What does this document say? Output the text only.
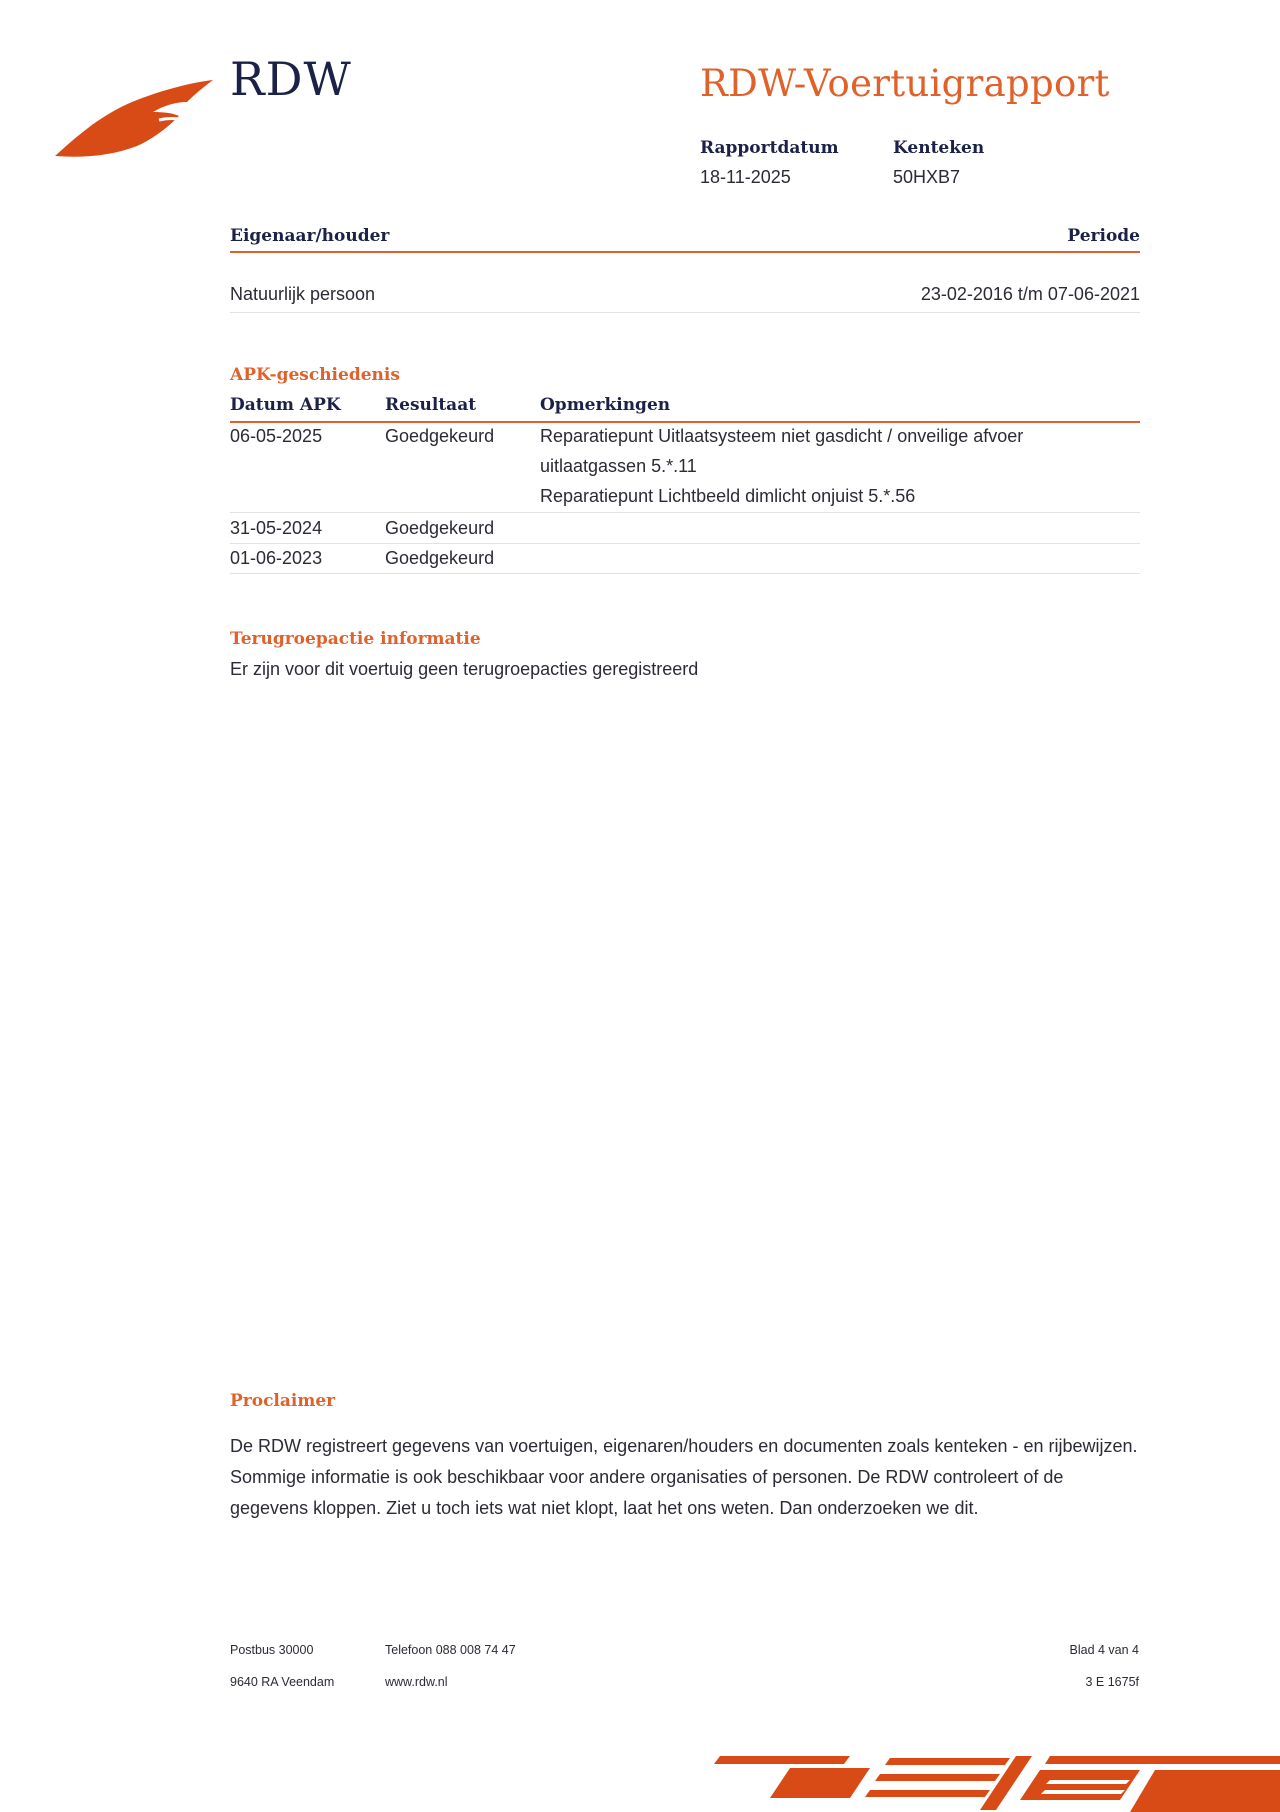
RDW	RDW-Voertuigrapport
Rapportdatum
18-11-2025
Kenteken
50HXB7
Eigenaar/houder	Periode
Natuurlijk persoon	23-02-2016 t/m 07-06-2021
APK-geschiedenis
Datum APK	Resultaat	Opmerkingen
06-05-2025	Goedgekeurd	Reparatiepunt Uitlaatsysteem niet gasdicht / onveilige afvoer
uitlaatgassen 5.*.11
Reparatiepunt Lichtbeeld dimlicht onjuist 5.*.56
31-05-2024	Goedgekeurd
01-06-2023	Goedgekeurd
Terugroepactie informatie
Er zijn voor dit voertuig geen terugroepacties geregistreerd
Proclaimer
De RDW registreert gegevens van voertuigen, eigenaren/houders en documenten zoals kenteken - en rijbewijzen. Sommige informatie is ook beschikbaar voor andere organisaties of personen. De RDW controleert of de gegevens kloppen. Ziet u toch iets wat niet klopt, laat het ons weten. Dan onderzoeken we dit.
Postbus 30000
9640 RA Veendam
Telefoon 088 008 74 47
www.rdw.nl
Blad 4 van 4
3 E 1675f
